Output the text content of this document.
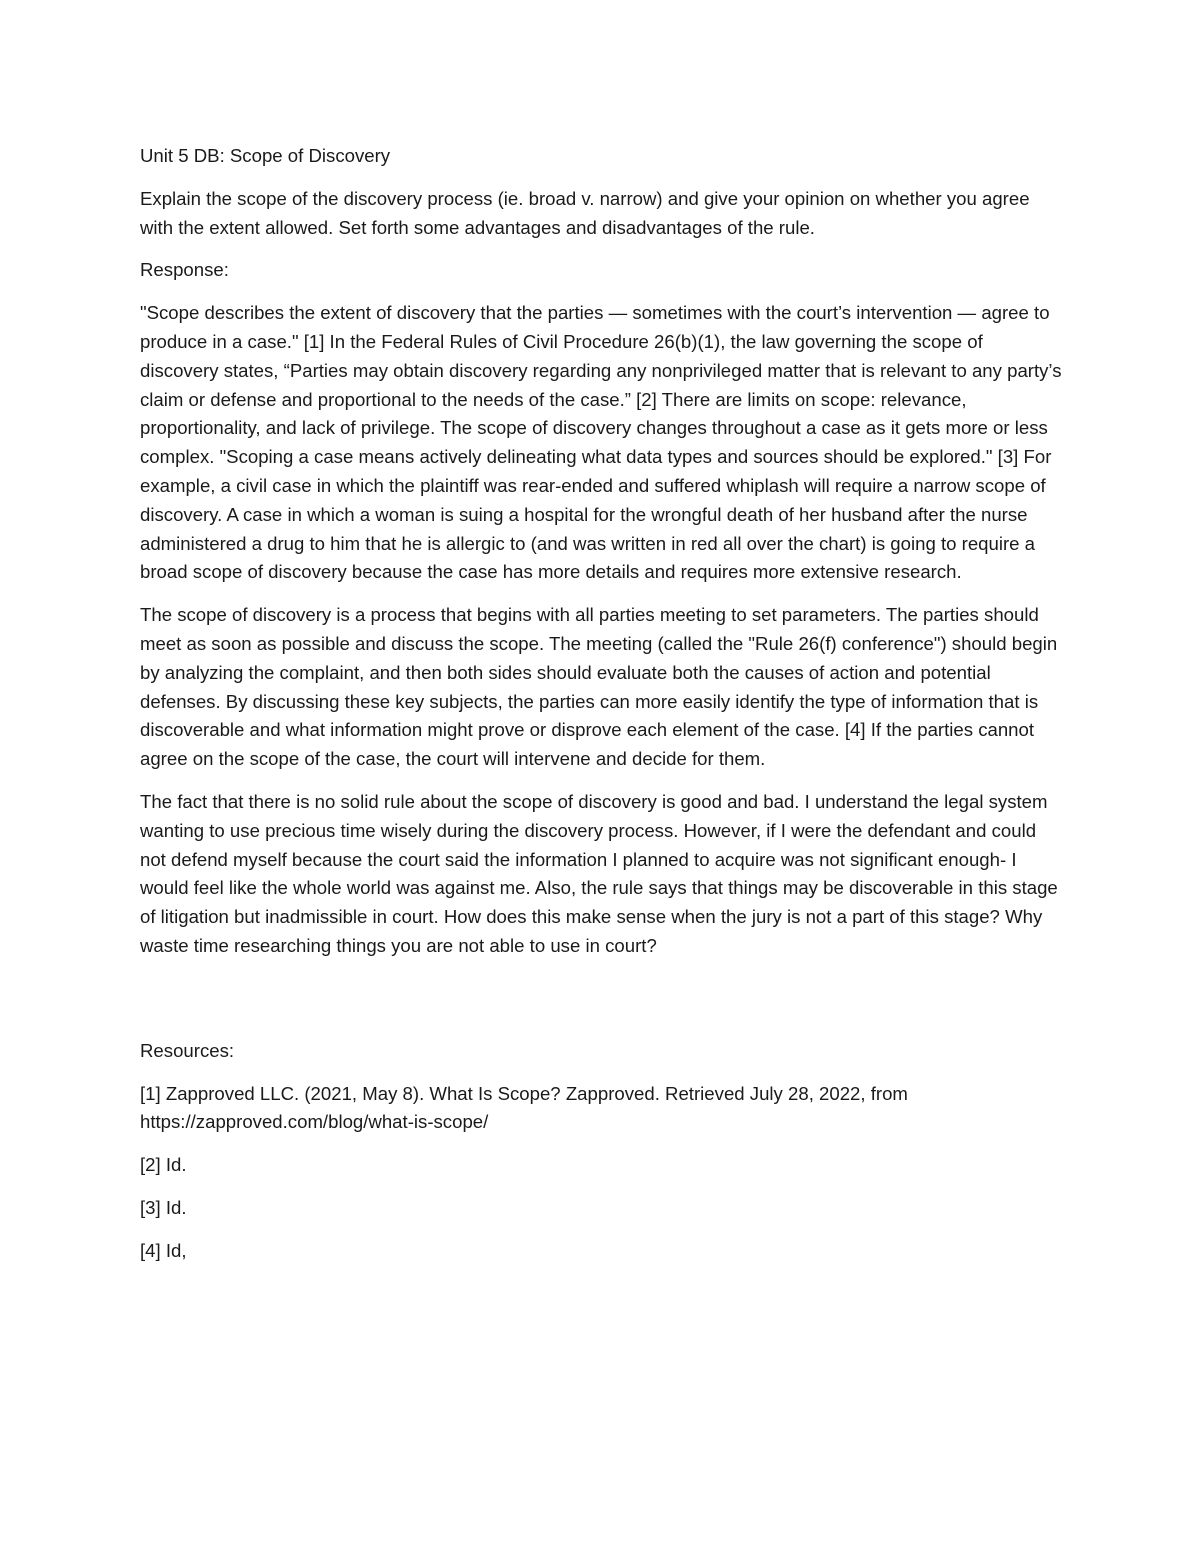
Unit 5 DB: Scope of Discovery

Explain the scope of the discovery process (ie. broad v. narrow) and give your opinion on whether you agree with the extent allowed. Set forth some advantages and disadvantages of the rule.

Response:

"Scope describes the extent of discovery that the parties — sometimes with the court’s intervention — agree to produce in a case." [1] In the Federal Rules of Civil Procedure 26(b)(1), the law governing the scope of discovery states, “Parties may obtain discovery regarding any nonprivileged matter that is relevant to any party’s claim or defense and proportional to the needs of the case.” [2] There are limits on scope: relevance, proportionality, and lack of privilege. The scope of discovery changes throughout a case as it gets more or less complex. "Scoping a case means actively delineating what data types and sources should be explored." [3] For example, a civil case in which the plaintiff was rear-ended and suffered whiplash will require a narrow scope of discovery. A case in which a woman is suing a hospital for the wrongful death of her husband after the nurse administered a drug to him that he is allergic to (and was written in red all over the chart) is going to require a broad scope of discovery because the case has more details and requires more extensive research.

The scope of discovery is a process that begins with all parties meeting to set parameters. The parties should meet as soon as possible and discuss the scope. The meeting (called the "Rule 26(f) conference") should begin by analyzing the complaint, and then both sides should evaluate both the causes of action and potential defenses. By discussing these key subjects, the parties can more easily identify the type of information that is discoverable and what information might prove or disprove each element of the case. [4] If the parties cannot agree on the scope of the case, the court will intervene and decide for them.

The fact that there is no solid rule about the scope of discovery is good and bad. I understand the legal system wanting to use precious time wisely during the discovery process. However, if I were the defendant and could not defend myself because the court said the information I planned to acquire was not significant enough- I would feel like the whole world was against me. Also, the rule says that things may be discoverable in this stage of litigation but inadmissible in court. How does this make sense when the jury is not a part of this stage? Why waste time researching things you are not able to use in court?

Resources:

[1] Zapproved LLC. (2021, May 8). What Is Scope? Zapproved. Retrieved July 28, 2022, from https://zapproved.com/blog/what-is-scope/

[2] Id.

[3] Id.

[4] Id,
